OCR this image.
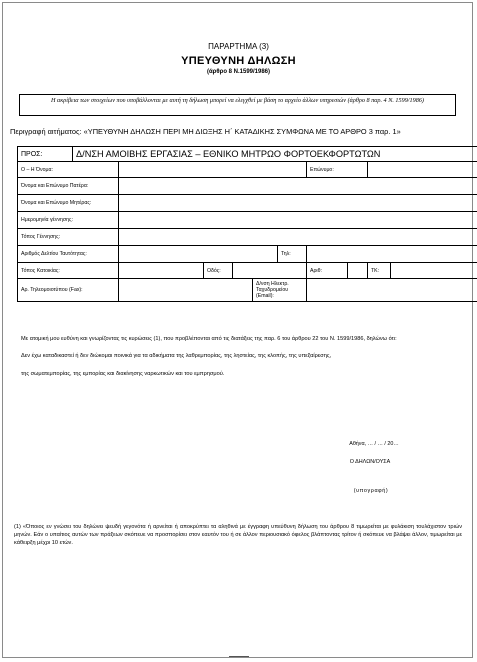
ΠΑΡΑΡΤΗΜΑ (3)
ΥΠΕΥΘΥΝΗ ΔΗΛΩΣΗ
(άρθρο 8 Ν.1599/1986)
Η ακρίβεια των στοιχείων που υποβάλλονται με αυτή τη δήλωση μπορεί να ελεγχθεί με βάση το αρχείο άλλων υπηρεσιών (άρθρο 8 παρ. 4 Ν. 1599/1986)
Περιγραφή αιτήματος: «ΥΠΕΥΘΥΝΗ ΔΗΛΩΣΗ ΠΕΡΙ ΜΗ ΔΙΩΞΗΣ Η΄ ΚΑΤΑΔΙΚΗΣ ΣΥΜΦΩΝΑ ΜΕ ΤΟ ΑΡΘΡΟ 3 παρ. 1»
ΠΡΟΣ:	Δ/ΝΣΗ ΑΜΟΙΒΗΣ ΕΡΓΑΣΙΑΣ – ΕΘΝΙΚΟ ΜΗΤΡΩΟ ΦΟΡΤΟΕΚΦΟΡΤΩΤΩΝ									
Ο – Η Όνομα:							Επώνυμο:			
Όνομα και Επώνυμο Πατέρα:										
Όνομα και Επώνυμο Μητέρας:										
Ημερομηνία γέννησης:										
Τόπος Γέννησης:										
Αριθμός Δελτίου Ταυτότητας:						Τηλ:				
Τόπος Κατοικίας:			Οδός:				Αριθ:		ΤΚ:	
Αρ. Τηλεομοιοτύπου (Fax):					Δ/νση Ηλεκτρ. Ταχυδρομείου (Email):					
Με ατομική μου ευθύνη και γνωρίζοντας τις κυρώσεις (1), που προβλέπονται από τις διατάξεις της παρ. 6 του άρθρου 22 του Ν. 1599/1986, δηλώνω ότι:
Δεν έχω καταδικαστεί ή δεν διώκομαι ποινικά για τα αδικήματα της λαθρεμπορίας, της ληστείας, της κλοπής, της υπεξαίρεσης,
της σωματεμπορίας, της εμπορίας και διακίνησης ναρκωτικών και του εμπρησμού.
Αθήνα, … / … / 20…
Ο ΔΗΛΩΝ/ΟΥΣΑ
(υπογραφή)
(1) «Όποιος εν γνώσει του δηλώνει ψευδή γεγονότα ή αρνείται ή αποκρύπτει τα αληθινά με έγγραφη υπεύθυνη δήλωση του άρθρου 8 τιμωρείται με φυλάκιση τουλάχιστον τριών μηνών. Εάν ο υπαίτιος αυτών των πράξεων σκόπευε να προσπορίσει στον εαυτόν του ή σε άλλον περιουσιακό όφελος βλάπτοντας τρίτον ή σκόπευε να βλάψει άλλον, τιμωρείται με κάθειρξη μέχρι 10 ετών.
